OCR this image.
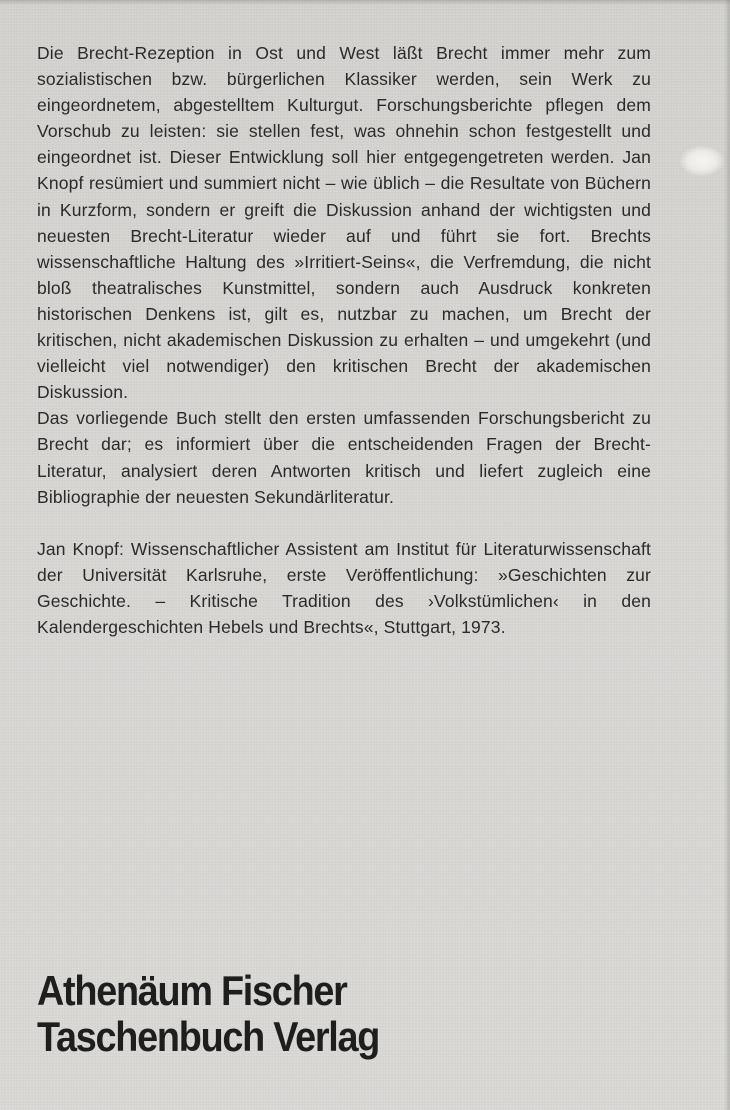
Die Brecht-Rezeption in Ost und West läßt Brecht immer mehr zum sozialistischen bzw. bürgerlichen Klassiker werden, sein Werk zu eingeordnetem, abgestelltem Kulturgut. Forschungsberichte pflegen dem Vorschub zu leisten: sie stellen fest, was ohnehin schon festgestellt und eingeordnet ist. Dieser Entwicklung soll hier entgegengetreten werden. Jan Knopf resümiert und summiert nicht – wie üblich – die Resultate von Büchern in Kurzform, sondern er greift die Diskussion anhand der wichtigsten und neuesten Brecht-Literatur wieder auf und führt sie fort. Brechts wissenschaftliche Haltung des »Irritiert-Seins«, die Verfremdung, die nicht bloß theatralisches Kunstmittel, sondern auch Ausdruck konkreten historischen Denkens ist, gilt es, nutzbar zu machen, um Brecht der kritischen, nicht akademischen Diskussion zu erhalten – und umgekehrt (und vielleicht viel notwendiger) den kritischen Brecht der akademischen Diskussion.

Das vorliegende Buch stellt den ersten umfassenden Forschungsbericht zu Brecht dar; es informiert über die entscheidenden Fragen der Brecht-Literatur, analysiert deren Antworten kritisch und liefert zugleich eine Bibliographie der neuesten Sekundärliteratur.

Jan Knopf: Wissenschaftlicher Assistent am Institut für Literaturwissenschaft der Universität Karlsruhe, erste Veröffentlichung: »Geschichten zur Geschichte. – Kritische Tradition des ›Volkstümlichen‹ in den Kalendergeschichten Hebels und Brechts«, Stuttgart, 1973.

Athenäum Fischer
Taschenbuch Verlag
